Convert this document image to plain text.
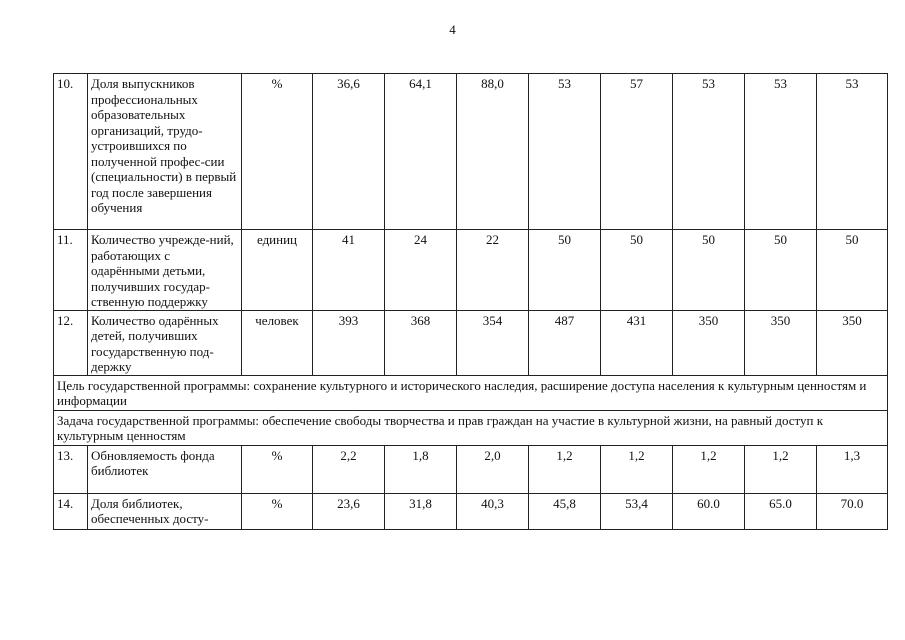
4
10.	Доля выпускников профессиональных образовательных организаций, трудо-устроившихся по полученной профес-сии (специальности) в первый год после завершения обучения	%	36,6	64,1	88,0	53	57	53	53	53
11.	Количество учрежде-ний, работающих с одарёнными детьми, получивших государ-ственную поддержку	единиц	41	24	22	50	50	50	50	50
12.	Количество одарённых детей, получивших государственную под-держку	человек	393	368	354	487	431	350	350	350
Цель государственной программы: сохранение культурного и исторического наследия, расширение доступа населения к культурным ценностям и информации										
Задача государственной программы: обеспечение свободы творчества и прав граждан на участие в культурной жизни, на равный доступ к культурным ценностям										
13.	Обновляемость фонда библиотек	%	2,2	1,8	2,0	1,2	1,2	1,2	1,2	1,3
14.	Доля библиотек, обеспеченных досту-	%	23,6	31,8	40,3	45,8	53,4	60.0	65.0	70.0
